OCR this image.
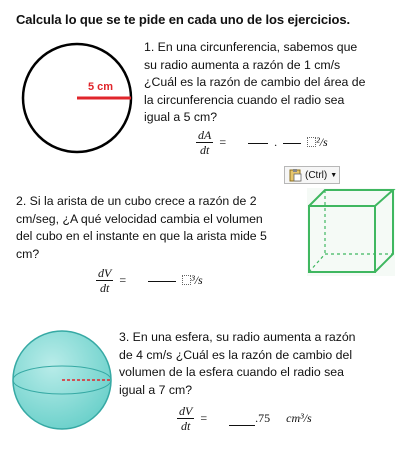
Calcula lo que se te pide en cada uno de los ejercicios.
5 cm
1. En una circunferencia, sabemos que
su radio aumenta a razón de 1 cm/s
¿Cuál es la razón de cambio del área de
la circunferencia cuando el radio sea
igual a 5 cm?
$\frac{dA}{dt}$ =	.	²/s
(Ctrl) ▼
2. Si la arista de un cubo crece a razón de 2
cm/seg, ¿A qué velocidad cambia el volumen
del cubo en el instante en que la arista mide 5
cm?
$\frac{dV}{dt}$ =	³/s
3. En una esfera, su radio aumenta a razón
de 4 cm/s ¿Cuál es la razón de cambio del
volumen de la esfera cuando el radio sea
igual a 7 cm?
$\frac{dV}{dt}$ =	.75 cm³/s
